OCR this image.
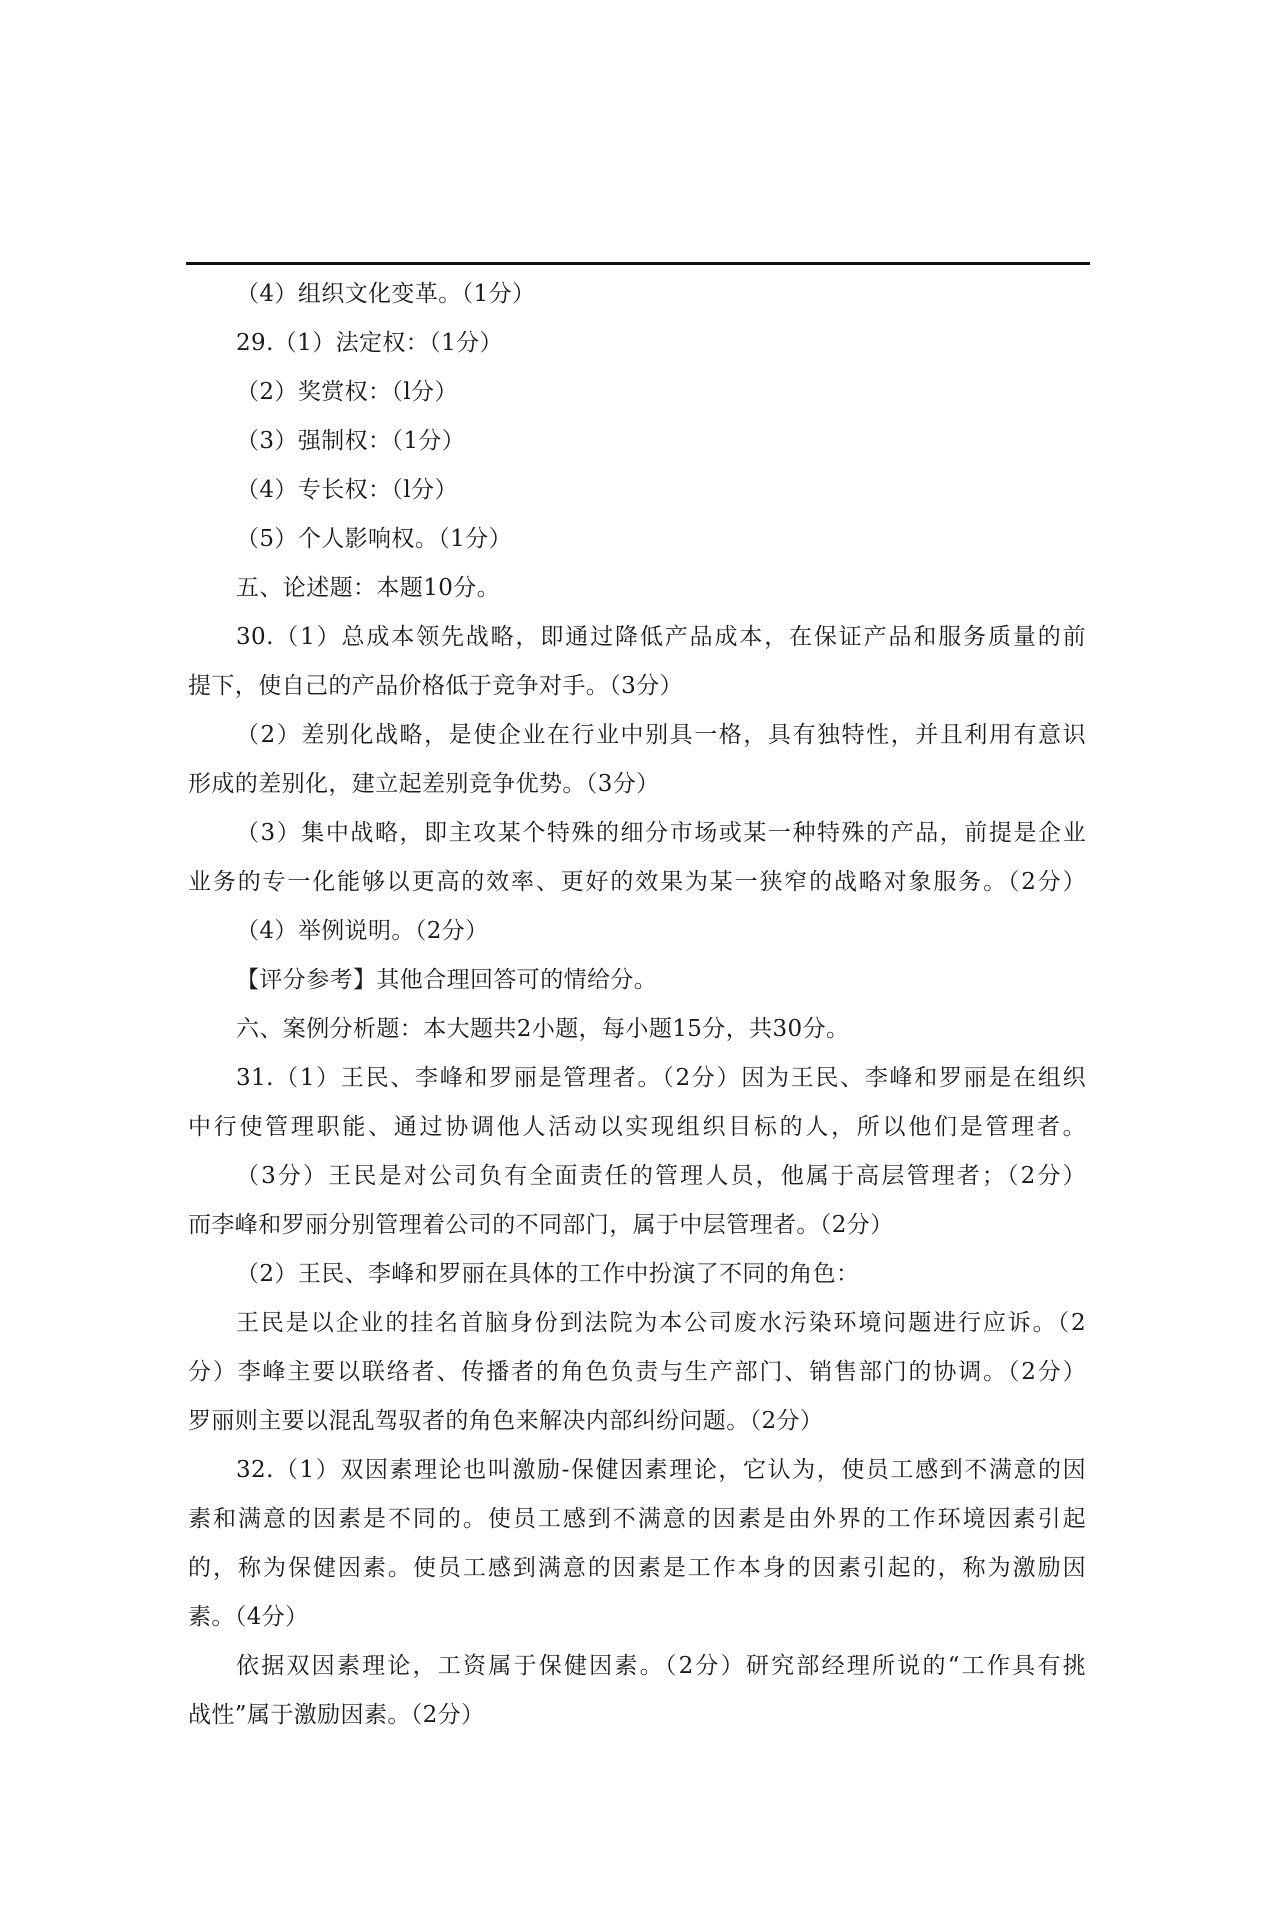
（4）组织文化变革。（1分）
29.（1）法定权：（1分）
（2）奖赏权：（l分）
（3）强制权：（1分）
（4）专长权：（l分）
（5）个人影响权。（1分）
五、论述题：本题10分。
30.（1）总成本领先战略，即通过降低产品成本，在保证产品和服务质量的前
提下，使自己的产品价格低于竞争对手。（3分）
（2）差别化战略，是使企业在行业中别具一格，具有独特性，并且利用有意识
形成的差别化，建立起差别竞争优势。（3分）
（3）集中战略，即主攻某个特殊的细分市场或某一种特殊的产品，前提是企业
业务的专一化能够以更高的效率、更好的效果为某一狭窄的战略对象服务。（2分）
（4）举例说明。（2分）
【评分参考】其他合理回答可的情给分。
六、案例分析题：本大题共2小题，每小题15分，共30分。
31.（1）王民、李峰和罗丽是管理者。（2分）因为王民、李峰和罗丽是在组织
中行使管理职能、通过协调他人活动以实现组织目标的人，所以他们是管理者。
（3分）王民是对公司负有全面责任的管理人员，他属于高层管理者；（2分）
而李峰和罗丽分别管理着公司的不同部门，属于中层管理者。（2分）
（2）王民、李峰和罗丽在具体的工作中扮演了不同的角色：
王民是以企业的挂名首脑身份到法院为本公司废水污染环境问题进行应诉。（2
分）李峰主要以联络者、传播者的角色负责与生产部门、销售部门的协调。（2分）
罗丽则主要以混乱驾驭者的角色来解决内部纠纷问题。（2分）
32.（1）双因素理论也叫激励-保健因素理论，它认为，使员工感到不满意的因
素和满意的因素是不同的。使员工感到不满意的因素是由外界的工作环境因素引起
的，称为保健因素。使员工感到满意的因素是工作本身的因素引起的，称为激励因
素。（4分）
依据双因素理论，工资属于保健因素。（2分）研究部经理所说的“工作具有挑
战性”属于激励因素。（2分）
